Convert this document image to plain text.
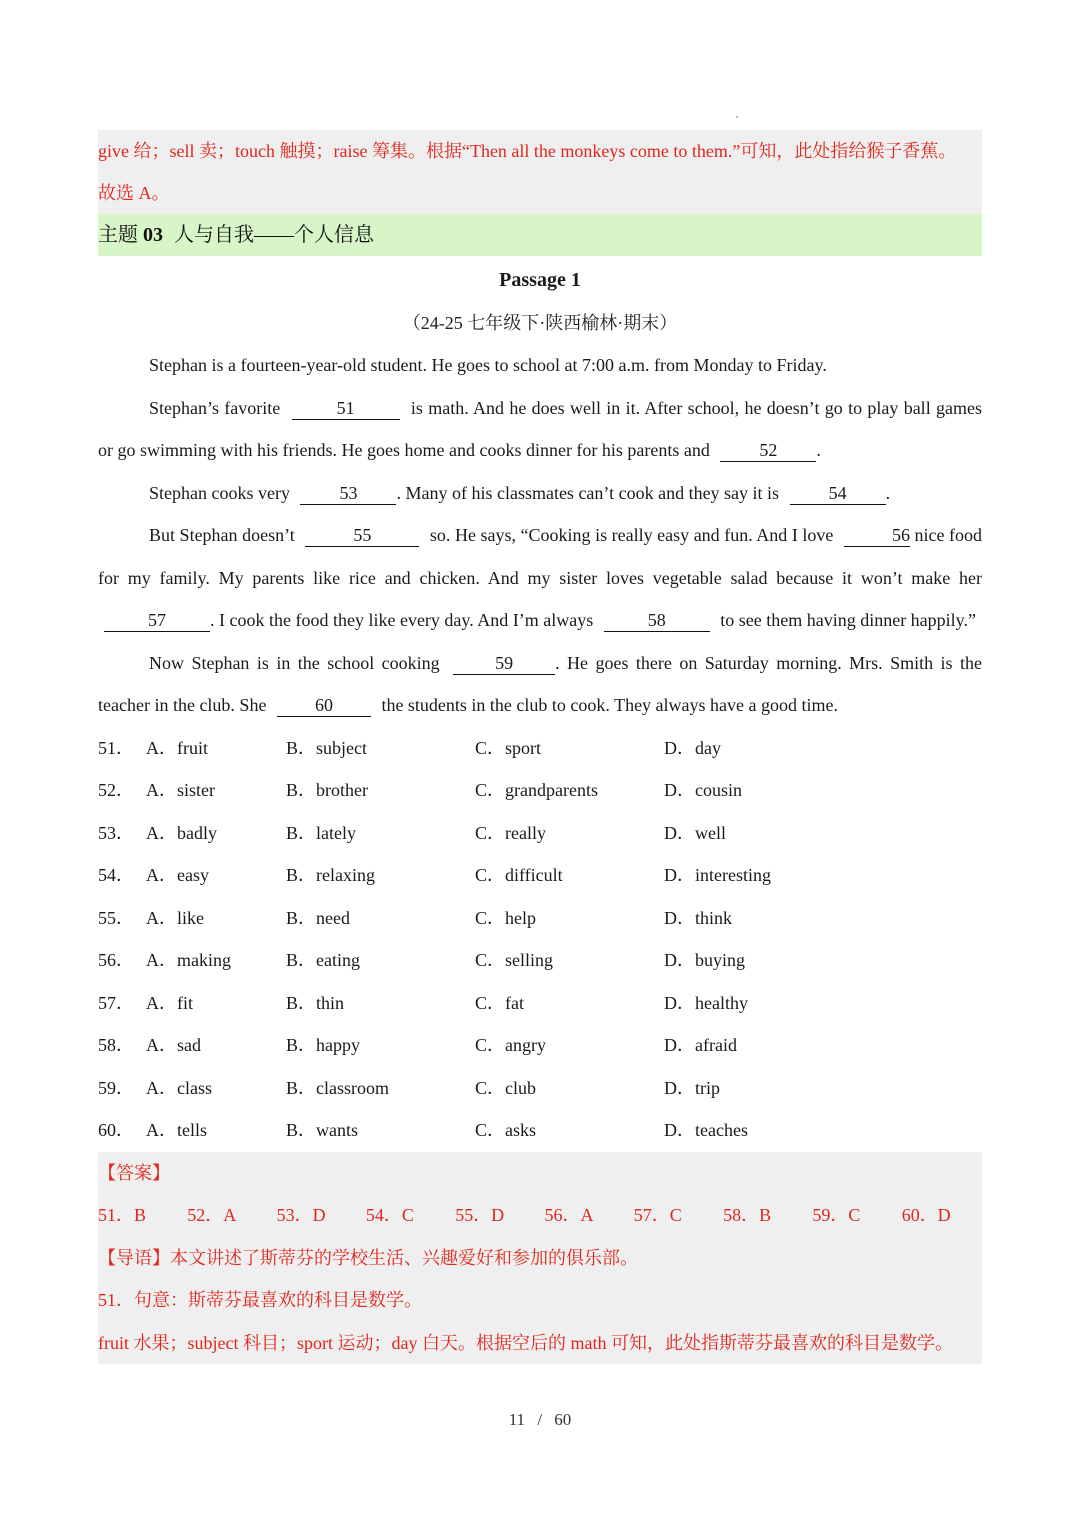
give 给；sell 卖；touch 触摸；raise 筹集。根据“Then all the monkeys come to them.”可知，此处指给猴子香蕉。
故选 A。
主题 03 人与自我——个人信息
Passage 1
（24-25 七年级下·陕西榆林·期末）
Stephan is a fourteen-year-old student. He goes to school at 7:00 a.m. from Monday to Friday.
Stephan’s favorite	51	is math. And he does well in it. After school, he doesn’t go to play ball games or go swimming with his friends. He goes home and cooks dinner for his parents and	52 .
Stephan cooks very	53 . Many of his classmates can’t cook and they say it is	54 .
But Stephan doesn’t	55	so. He says, “Cooking is really easy and fun. And I love	56 nice food for my family. My parents like rice and chicken. And my sister loves vegetable salad because it won’t make her 57 . I cook the food they like every day. And I’m always	58	to see them having dinner happily.”
Now Stephan is in the school cooking	59 . He goes there on Saturday morning. Mrs. Smith is the teacher in the club. She	60	the students in the club to cook. They always have a good time.
51． A．fruit	B．subject	C．sport	D．day
52． A．sister	B．brother	C．grandparents	D．cousin
53． A．badly	B．lately	C．really	D．well
54． A．easy	B．relaxing	C．difficult	D．interesting
55． A．like	B．need	C．help	D．think
56． A．making	B．eating	C．selling	D．buying
57． A．fit	B．thin	C．fat	D．healthy
58． A．sad	B．happy	C．angry	D．afraid
59． A．class	B．classroom	C．club	D．trip
60． A．tells	B．wants	C．asks	D．teaches
【答案】
51．B 52．A 53．D 54．C 55．D 56．A 57．C 58．B 59．C 60．D
【导语】本文讲述了斯蒂芬的学校生活、兴趣爱好和参加的俱乐部。
51．句意：斯蒂芬最喜欢的科目是数学。
fruit 水果；subject 科目；sport 运动；day 白天。根据空后的 math 可知，此处指斯蒂芬最喜欢的科目是数学。
11 / 60
